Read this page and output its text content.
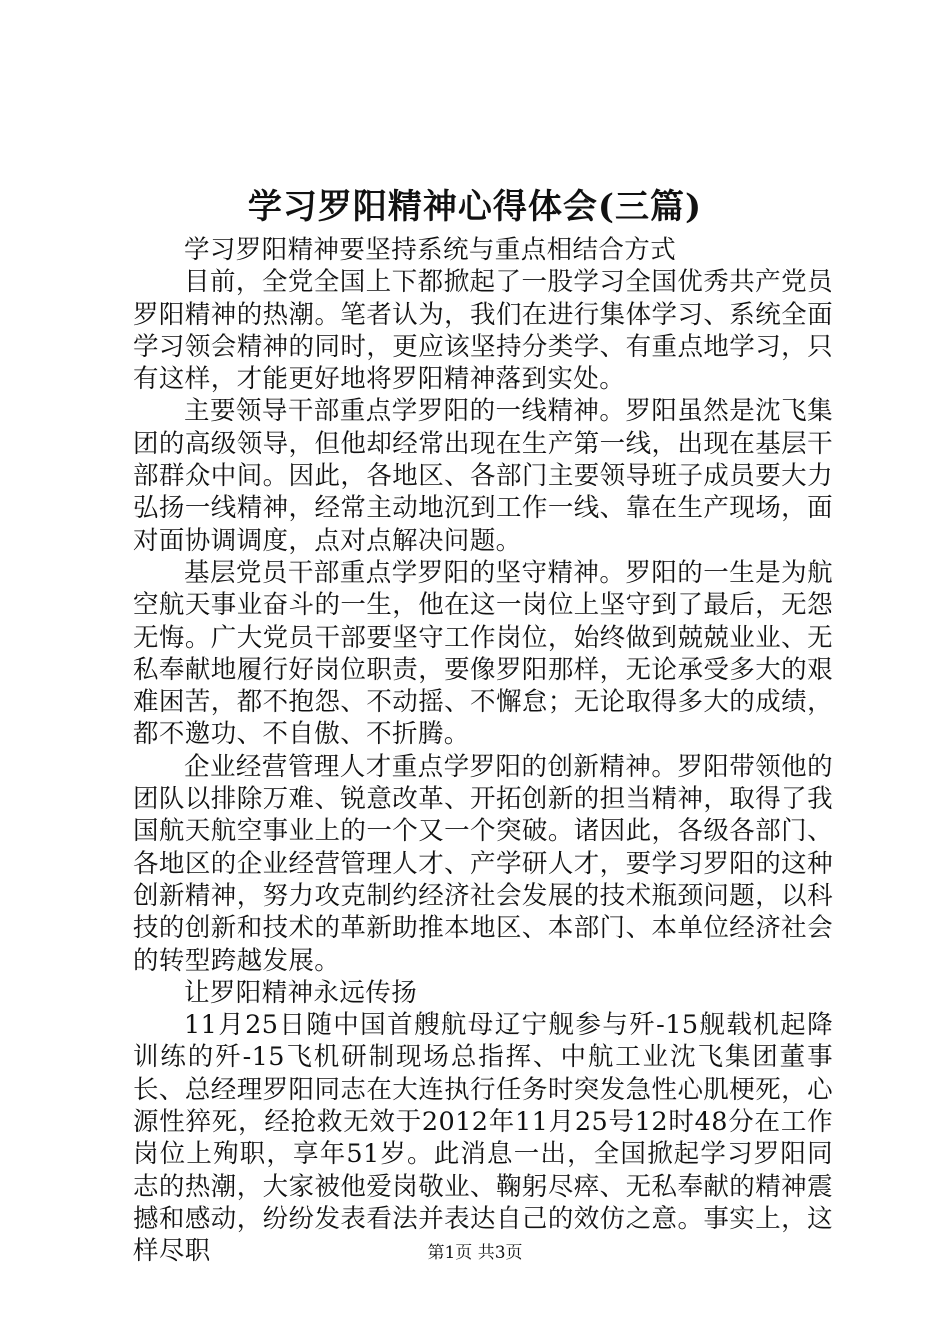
学习罗阳精神心得体会(三篇)

学习罗阳精神要坚持系统与重点相结合方式

目前，全党全国上下都掀起了一股学习全国优秀共产党员罗阳精神的热潮。笔者认为，我们在进行集体学习、系统全面学习领会精神的同时，更应该坚持分类学、有重点地学习，只有这样，才能更好地将罗阳精神落到实处。

主要领导干部重点学罗阳的一线精神。罗阳虽然是沈飞集团的高级领导，但他却经常出现在生产第一线，出现在基层干部群众中间。因此，各地区、各部门主要领导班子成员要大力弘扬一线精神，经常主动地沉到工作一线、靠在生产现场，面对面协调调度，点对点解决问题。

基层党员干部重点学罗阳的坚守精神。罗阳的一生是为航空航天事业奋斗的一生，他在这一岗位上坚守到了最后，无怨无悔。广大党员干部要坚守工作岗位，始终做到兢兢业业、无私奉献地履行好岗位职责，要像罗阳那样，无论承受多大的艰难困苦，都不抱怨、不动摇、不懈怠；无论取得多大的成绩，都不邀功、不自傲、不折腾。

企业经营管理人才重点学罗阳的创新精神。罗阳带领他的团队以排除万难、锐意改革、开拓创新的担当精神，取得了我国航天航空事业上的一个又一个突破。诸因此，各级各部门、各地区的企业经营管理人才、产学研人才，要学习罗阳的这种创新精神，努力攻克制约经济社会发展的技术瓶颈问题，以科技的创新和技术的革新助推本地区、本部门、本单位经济社会的转型跨越发展。

让罗阳精神永远传扬

11月25日随中国首艘航母辽宁舰参与歼-15舰载机起降训练的歼-15飞机研制现场总指挥、中航工业沈飞集团董事长、总经理罗阳同志在大连执行任务时突发急性心肌梗死，心源性猝死，经抢救无效于2012年11月25号12时48分在工作岗位上殉职，享年51岁。此消息一出，全国掀起学习罗阳同志的热潮，大家被他爱岗敬业、鞠躬尽瘁、无私奉献的精神震撼和感动，纷纷发表看法并表达自己的效仿之意。事实上，这样尽职	第1页 共3页
